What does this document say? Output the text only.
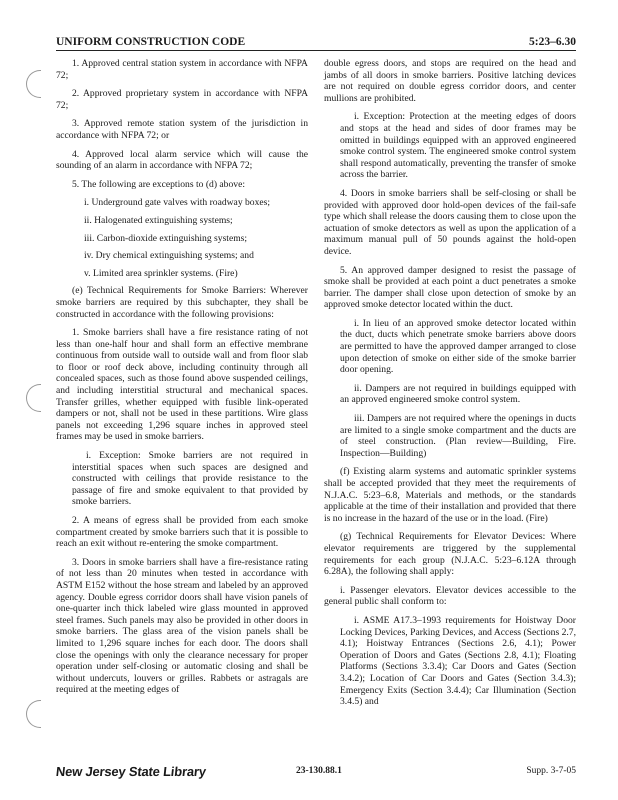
UNIFORM CONSTRUCTION CODE	5:23–6.30

1. Approved central station system in accordance with NFPA 72;

2. Approved proprietary system in accordance with NFPA 72;

3. Approved remote station system of the jurisdiction in accordance with NFPA 72; or

4. Approved local alarm service which will cause the sounding of an alarm in accordance with NFPA 72;

5. The following are exceptions to (d) above:

i. Underground gate valves with roadway boxes;

ii. Halogenated extinguishing systems;

iii. Carbon-dioxide extinguishing systems;

iv. Dry chemical extinguishing systems; and

v. Limited area sprinkler systems. (Fire)

(e) Technical Requirements for Smoke Barriers: Wherever smoke barriers are required by this subchapter, they shall be constructed in accordance with the following provisions:

1. Smoke barriers shall have a fire resistance rating of not less than one-half hour and shall form an effective membrane continuous from outside wall to outside wall and from floor slab to floor or roof deck above, including continuity through all concealed spaces, such as those found above suspended ceilings, and including interstitial structural and mechanical spaces. Transfer grilles, whether equipped with fusible link-operated dampers or not, shall not be used in these partitions. Wire glass panels not exceeding 1,296 square inches in approved steel frames may be used in smoke barriers.

i. Exception: Smoke barriers are not required in interstitial spaces when such spaces are designed and constructed with ceilings that provide resistance to the passage of fire and smoke equivalent to that provided by smoke barriers.

2. A means of egress shall be provided from each smoke compartment created by smoke barriers such that it is possible to reach an exit without re-entering the smoke compartment.

3. Doors in smoke barriers shall have a fire-resistance rating of not less than 20 minutes when tested in accordance with ASTM E152 without the hose stream and labeled by an approved agency. Double egress corridor doors shall have vision panels of one-quarter inch thick labeled wire glass mounted in approved steel frames. Such panels may also be provided in other doors in smoke barriers. The glass area of the vision panels shall be limited to 1,296 square inches for each door. The doors shall close the openings with only the clearance necessary for proper operation under self-closing or automatic closing and shall be without undercuts, louvers or grilles. Rabbets or astragals are required at the meeting edges of

double egress doors, and stops are required on the head and jambs of all doors in smoke barriers. Positive latching devices are not required on double egress corridor doors, and center mullions are prohibited.

i. Exception: Protection at the meeting edges of doors and stops at the head and sides of door frames may be omitted in buildings equipped with an approved engineered smoke control system. The engineered smoke control system shall respond automatically, preventing the transfer of smoke across the barrier.

4. Doors in smoke barriers shall be self-closing or shall be provided with approved door hold-open devices of the fail-safe type which shall release the doors causing them to close upon the actuation of smoke detectors as well as upon the application of a maximum manual pull of 50 pounds against the hold-open device.

5. An approved damper designed to resist the passage of smoke shall be provided at each point a duct penetrates a smoke barrier. The damper shall close upon detection of smoke by an approved smoke detector located within the duct.

i. In lieu of an approved smoke detector located within the duct, ducts which penetrate smoke barriers above doors are permitted to have the approved damper arranged to close upon detection of smoke on either side of the smoke barrier door opening.

ii. Dampers are not required in buildings equipped with an approved engineered smoke control system.

iii. Dampers are not required where the openings in ducts are limited to a single smoke compartment and the ducts are of steel construction. (Plan review—Building, Fire. Inspection—Building)

(f) Existing alarm systems and automatic sprinkler systems shall be accepted provided that they meet the requirements of N.J.A.C. 5:23–6.8, Materials and methods, or the standards applicable at the time of their installation and provided that there is no increase in the hazard of the use or in the load. (Fire)

(g) Technical Requirements for Elevator Devices: Where elevator requirements are triggered by the supplemental requirements for each group (N.J.A.C. 5:23–6.12A through 6.28A), the following shall apply:

i. Passenger elevators. Elevator devices accessible to the general public shall conform to:

i. ASME A17.3–1993 requirements for Hoistway Door Locking Devices, Parking Devices, and Access (Sections 2.7, 4.1); Hoistway Entrances (Sections 2.6, 4.1); Power Operation of Doors and Gates (Sections 2.8, 4.1); Floating Platforms (Sections 3.3.4); Car Doors and Gates (Section 3.4.2); Location of Car Doors and Gates (Section 3.4.3); Emergency Exits (Section 3.4.4); Car Illumination (Section 3.4.5) and

New Jersey State Library	23-130.88.1	Supp. 3-7-05
